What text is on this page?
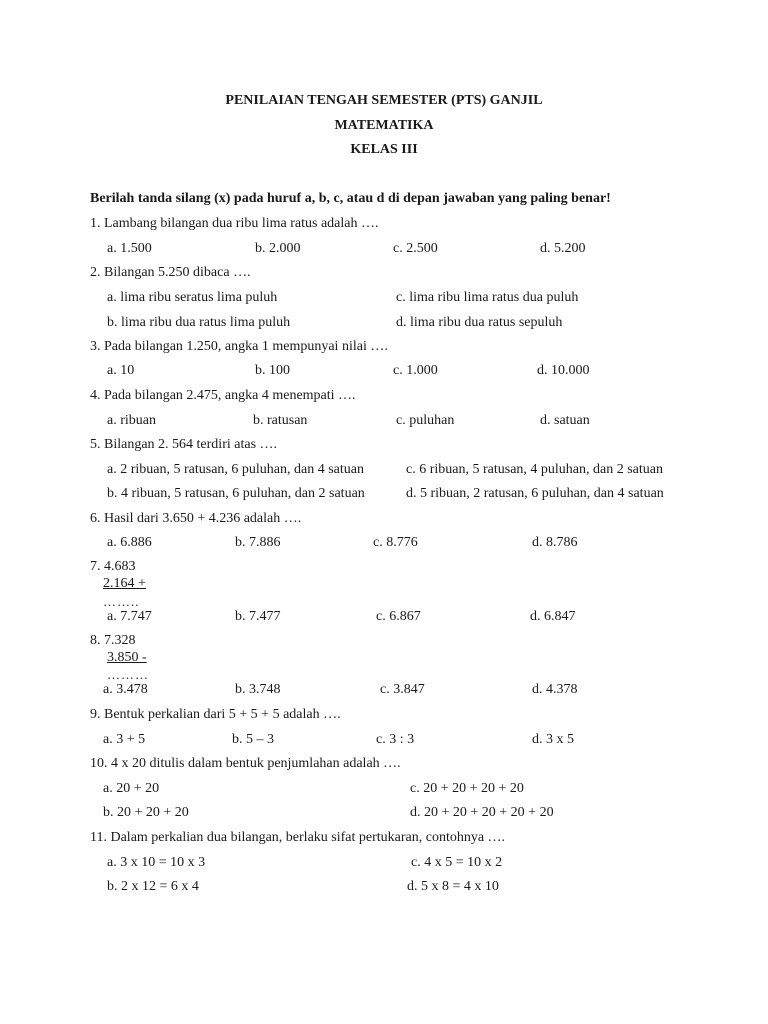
PENILAIAN TENGAH SEMESTER (PTS) GANJIL
MATEMATIKA
KELAS III
Berilah tanda silang (x) pada huruf a, b, c, atau d di depan jawaban yang paling benar!
1. Lambang bilangan dua ribu lima ratus adalah ….
a. 1.500	b. 2.000	c. 2.500	d. 5.200
2. Bilangan 5.250 dibaca ….
a. lima ribu seratus lima puluh
b. lima ribu dua ratus lima puluh
c. lima ribu lima ratus dua puluh
d. lima ribu dua ratus sepuluh
3. Pada bilangan 1.250, angka 1 mempunyai nilai ….
a. 10	b. 100	c. 1.000	d. 10.000
4. Pada bilangan 2.475, angka 4 menempati ….
a. ribuan	b. ratusan	c. puluhan	d. satuan
5. Bilangan 2. 564 terdiri atas ….
a. 2 ribuan, 5 ratusan, 6 puluhan, dan 4 satuan
b. 4 ribuan, 5 ratusan, 6 puluhan, dan 2 satuan
c. 6 ribuan, 5 ratusan, 4 puluhan, dan 2 satuan
d. 5 ribuan, 2 ratusan, 6 puluhan, dan 4 satuan
6. Hasil dari 3.650 + 4.236 adalah ….
a. 6.886	b. 7.886	c. 8.776	d. 8.786
7. 4.683
2.164 +
……..
a. 7.747	b. 7.477	c. 6.867	d. 6.847
8. 7.328
3.850 -
………
a. 3.478	b. 3.748	c. 3.847	d. 4.378
9. Bentuk perkalian dari 5 + 5 + 5 adalah ….
a. 3 + 5	b. 5 – 3	c. 3 : 3	d. 3 x 5
10. 4 x 20 ditulis dalam bentuk penjumlahan adalah ….
a. 20 + 20
b. 20 + 20 + 20
c. 20 + 20 + 20 + 20
d. 20 + 20 + 20 + 20 + 20
11. Dalam perkalian dua bilangan, berlaku sifat pertukaran, contohnya ….
a. 3 x 10 = 10 x 3
b. 2 x 12 = 6 x 4
c. 4 x 5 = 10 x 2
d. 5 x 8 = 4 x 10
